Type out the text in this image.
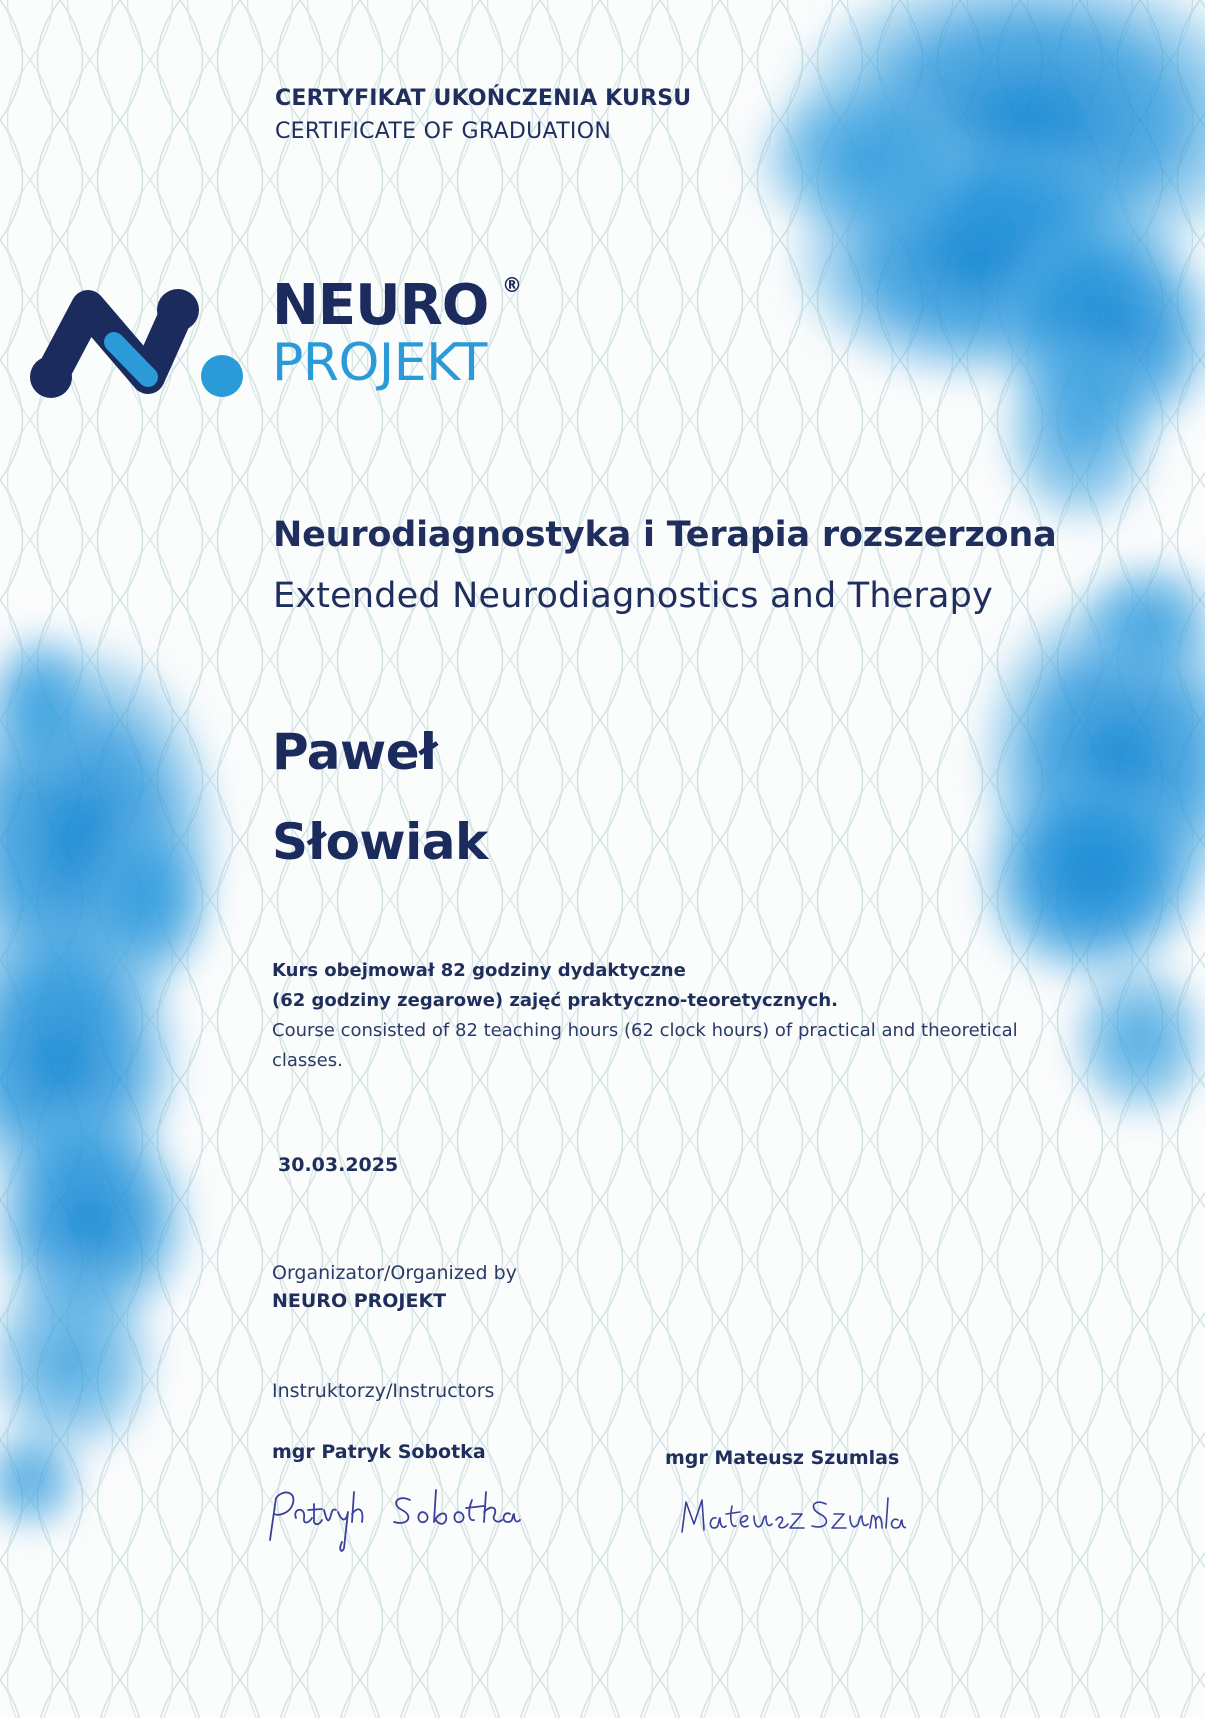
CERTYFIKAT UKOŃCZENIA KURSU

CERTIFICATE OF GRADUATION

NEURO ®

PROJEKT

Neurodiagnostyka i Terapia rozszerzona

Extended Neurodiagnostics and Therapy

Paweł

Słowiak

Kurs obejmował 82 godziny dydaktyczne

(62 godziny zegarowe) zajęć praktyczno-teoretycznych.

Course consisted of 82 teaching hours (62 clock hours) of practical and theoretical

classes.

30.03.2025

Organizator/Organized by

NEURO PROJEKT

Instruktorzy/Instructors

mgr Patryk Sobotka	mgr Mateusz Szumlas
